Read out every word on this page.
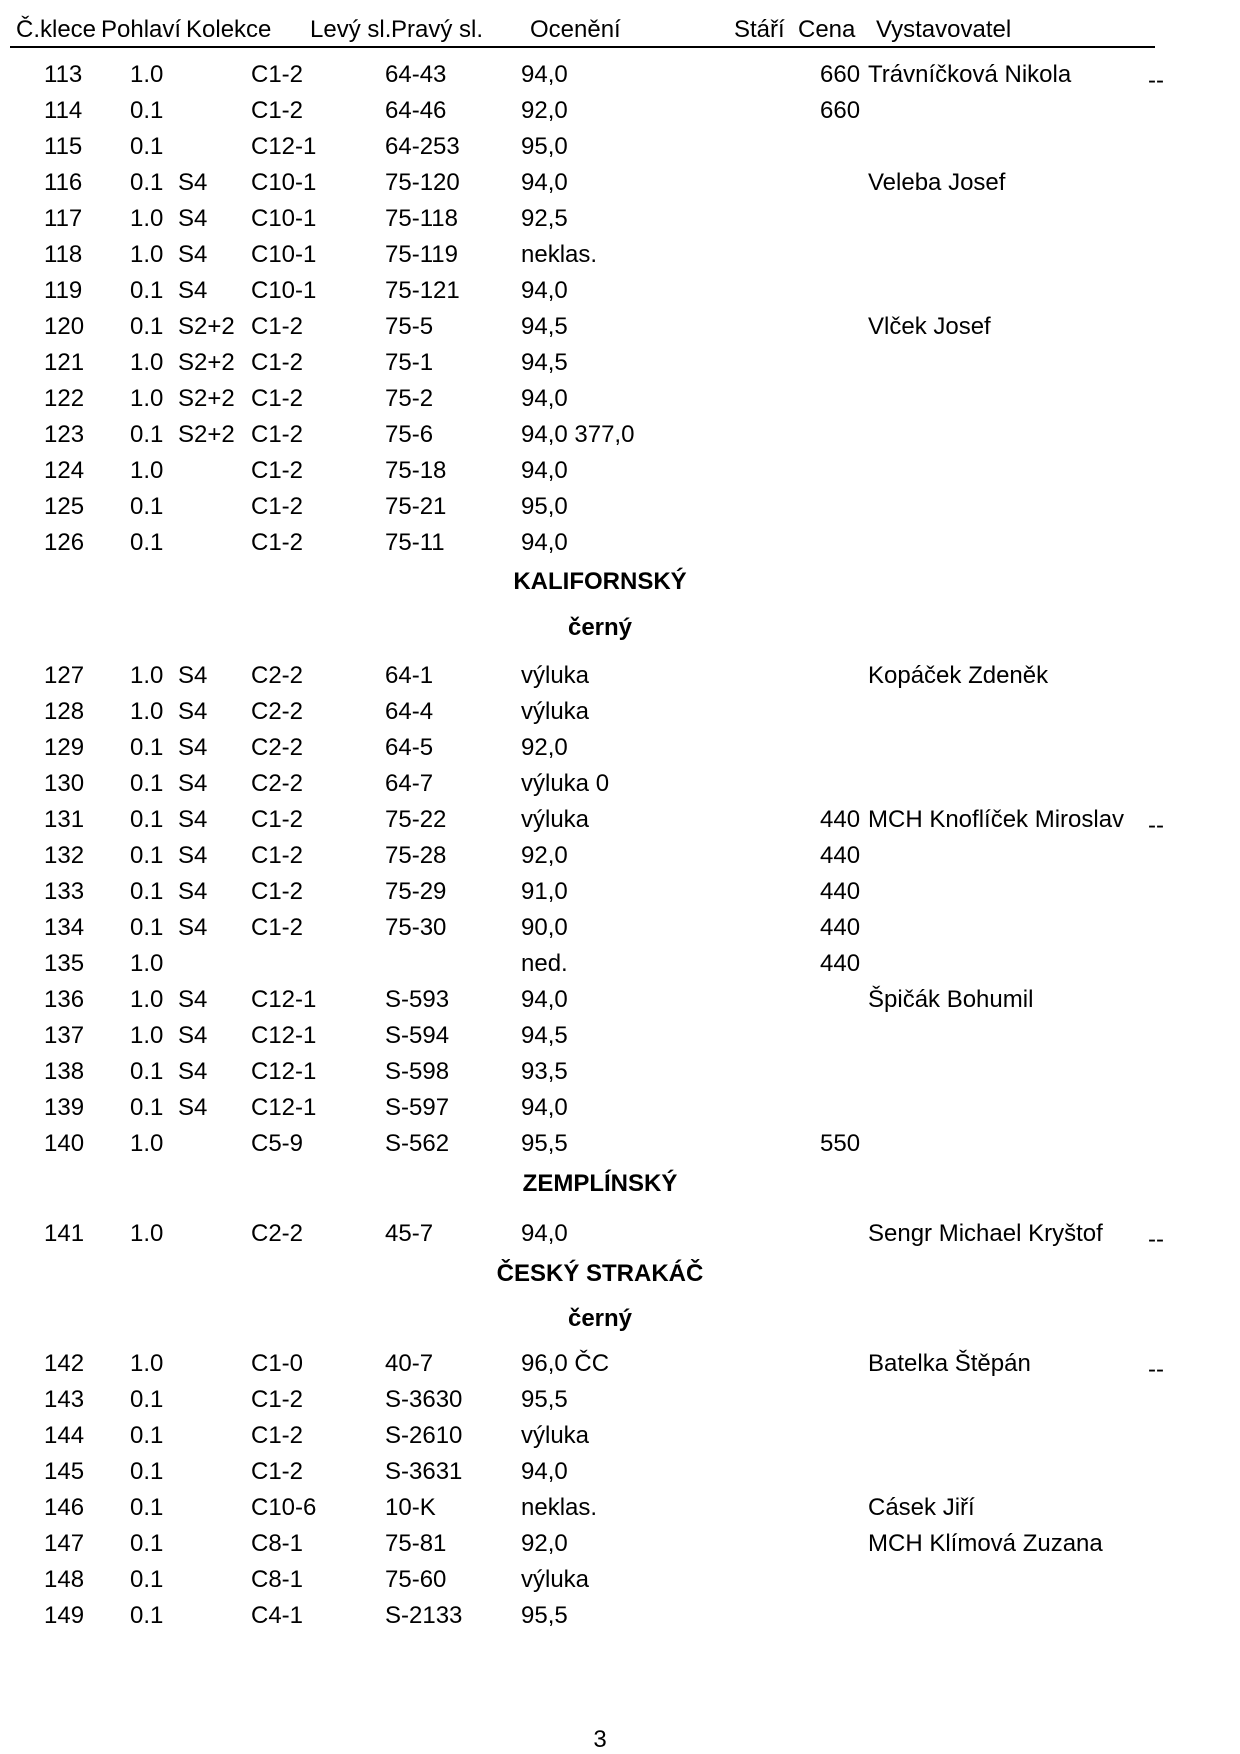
Č.klece Pohlaví Kolekce Levý sl. Pravý sl. Ocenění	Stáří Cena Vystavovatel
113 1.0	C1-2	64-43	94,0	660 Trávníčková Nikola	--
114 0.1	C1-2	64-46	92,0	660
115 0.1	C12-1	64-253	95,0
116 0.1 S4 C10-1	75-120	94,0	Veleba Josef
117 1.0 S4 C10-1	75-118	92,5
118 1.0 S4 C10-1	75-119	neklas.
119 0.1 S4 C10-1	75-121	94,0
120 0.1 S2+2 C1-2	75-5	94,5	Vlček Josef
121 1.0 S2+2 C1-2	75-1	94,5
122 1.0 S2+2 C1-2	75-2	94,0
123 0.1 S2+2 C1-2	75-6	94,0 377,0
124 1.0	C1-2	75-18	94,0
125 0.1	C1-2	75-21	95,0
126 0.1	C1-2	75-11	94,0
127 1.0 S4 C2-2	64-1	výluka	Kopáček Zdeněk
128 1.0 S4 C2-2	64-4	výluka
129 0.1 S4 C2-2	64-5	92,0
130 0.1 S4 C2-2	64-7	výluka 0
131 0.1 S4 C1-2	75-22	výluka	440 MCH Knoflíček Miroslav --
132 0.1 S4 C1-2	75-28	92,0	440
133 0.1 S4 C1-2	75-29	91,0	440
134 0.1 S4 C1-2	75-30	90,0	440
135 1.0	ned.	440
136 1.0 S4 C12-1	S-593	94,0	Špičák Bohumil
137 1.0 S4 C12-1	S-594	94,5
138 0.1 S4 C12-1	S-598	93,5
139 0.1 S4 C12-1	S-597	94,0
140 1.0	C5-9	S-562	95,5	550
141 1.0	C2-2	45-7	94,0	Sengr Michael Kryštof --
142 1.0	C1-0	40-7	96,0 ČC	Batelka Štěpán	--
143 0.1	C1-2	S-3630 95,5
144 0.1	C1-2	S-2610 výluka
145 0.1	C1-2	S-3631 94,0
146 0.1	C10-6	10-K	neklas.	Cásek Jiří
147 0.1	C8-1	75-81	92,0	MCH Klímová Zuzana
148 0.1	C8-1	75-60	výluka
149 0.1	C4-1	S-2133 95,5
KALIFORNSKÝ
černý
ZEMPLÍNSKÝ
ČESKÝ STRAKÁČ
černý
3
